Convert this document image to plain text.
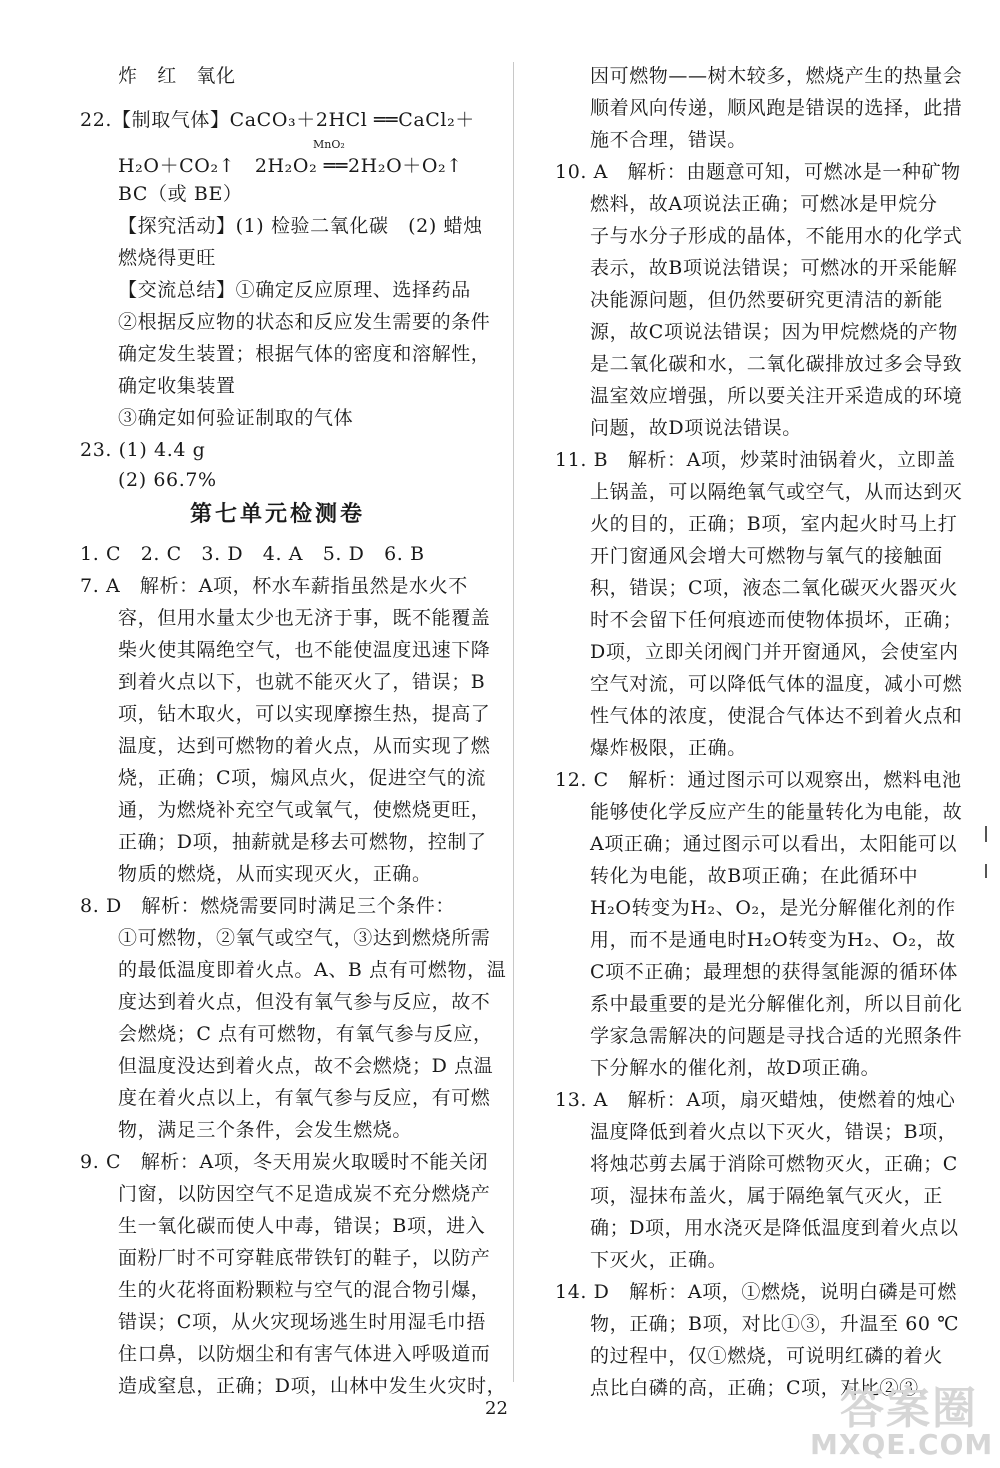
炸　红　氧化
22.【制取气体】CaCO₃＋2HCl ══CaCl₂＋
H₂O＋CO₂↑　2H₂O₂ ══2H₂O＋O₂↑
BC（或 BE）
【探究活动】(1) 检验二氧化碳　(2) 蜡烛
燃烧得更旺
【交流总结】①确定反应原理、选择药品
②根据反应物的状态和反应发生需要的条件
确定发生装置；根据气体的密度和溶解性，
确定收集装置
③确定如何验证制取的气体
23. (1) 4.4 g
(2) 66.7%
1. C　2. C　3. D　4. A　5. D　6. B
7. A　解析：A项，杯水车薪指虽然是水火不
容，但用水量太少也无济于事，既不能覆盖
柴火使其隔绝空气，也不能使温度迅速下降
到着火点以下，也就不能灭火了，错误；B
项，钻木取火，可以实现摩擦生热，提高了
温度，达到可燃物的着火点，从而实现了燃
烧，正确；C项，煽风点火，促进空气的流
通，为燃烧补充空气或氧气，使燃烧更旺，
正确；D项，抽薪就是移去可燃物，控制了
物质的燃烧，从而实现灭火，正确。
8. D　解析：燃烧需要同时满足三个条件：
①可燃物，②氧气或空气，③达到燃烧所需
的最低温度即着火点。A、B 点有可燃物，温
度达到着火点，但没有氧气参与反应，故不
会燃烧；C 点有可燃物，有氧气参与反应，
但温度没达到着火点，故不会燃烧；D 点温
度在着火点以上，有氧气参与反应，有可燃
物，满足三个条件，会发生燃烧。
9. C　解析：A项，冬天用炭火取暖时不能关闭
门窗，以防因空气不足造成炭不充分燃烧产
生一氧化碳而使人中毒，错误；B项，进入
面粉厂时不可穿鞋底带铁钉的鞋子，以防产
生的火花将面粉颗粒与空气的混合物引爆，
错误；C项，从火灾现场逃生时用湿毛巾捂
住口鼻，以防烟尘和有害气体进入呼吸道而
造成窒息，正确；D项，山林中发生火灾时，
因可燃物——树木较多，燃烧产生的热量会
顺着风向传递，顺风跑是错误的选择，此措
施不合理，错误。
10. A　解析：由题意可知，可燃冰是一种矿物
燃料，故A项说法正确；可燃冰是甲烷分
子与水分子形成的晶体，不能用水的化学式
表示，故B项说法错误；可燃冰的开采能解
决能源问题，但仍然要研究更清洁的新能
源，故C项说法错误；因为甲烷燃烧的产物
是二氧化碳和水，二氧化碳排放过多会导致
温室效应增强，所以要关注开采造成的环境
问题，故D项说法错误。
11. B　解析：A项，炒菜时油锅着火，立即盖
上锅盖，可以隔绝氧气或空气，从而达到灭
火的目的，正确；B项，室内起火时马上打
开门窗通风会增大可燃物与氧气的接触面
积，错误；C项，液态二氧化碳灭火器灭火
时不会留下任何痕迹而使物体损坏，正确；
D项，立即关闭阀门并开窗通风，会使室内
空气对流，可以降低气体的温度，减小可燃
性气体的浓度，使混合气体达不到着火点和
爆炸极限，正确。
12. C　解析：通过图示可以观察出，燃料电池
能够使化学反应产生的能量转化为电能，故
A项正确；通过图示可以看出，太阳能可以
转化为电能，故B项正确；在此循环中
H₂O转变为H₂、O₂，是光分解催化剂的作
用，而不是通电时H₂O转变为H₂、O₂，故
C项不正确；最理想的获得氢能源的循环体
系中最重要的是光分解催化剂，所以目前化
学家急需解决的问题是寻找合适的光照条件
下分解水的催化剂，故D项正确。
13. A　解析：A项，扇灭蜡烛，使燃着的烛心
温度降低到着火点以下灭火，错误；B项，
将烛芯剪去属于消除可燃物灭火，正确；C
项，湿抹布盖火，属于隔绝氧气灭火，正
确；D项，用水浇灭是降低温度到着火点以
下灭火，正确。
14. D　解析：A项，①燃烧，说明白磷是可燃
物，正确；B项，对比①③，升温至 60 ℃
的过程中，仅①燃烧，可说明红磷的着火
点比白磷的高，正确；C项，对比②③，
第七单元检测卷
MnO₂
22	答案圈
MXQE.COM
